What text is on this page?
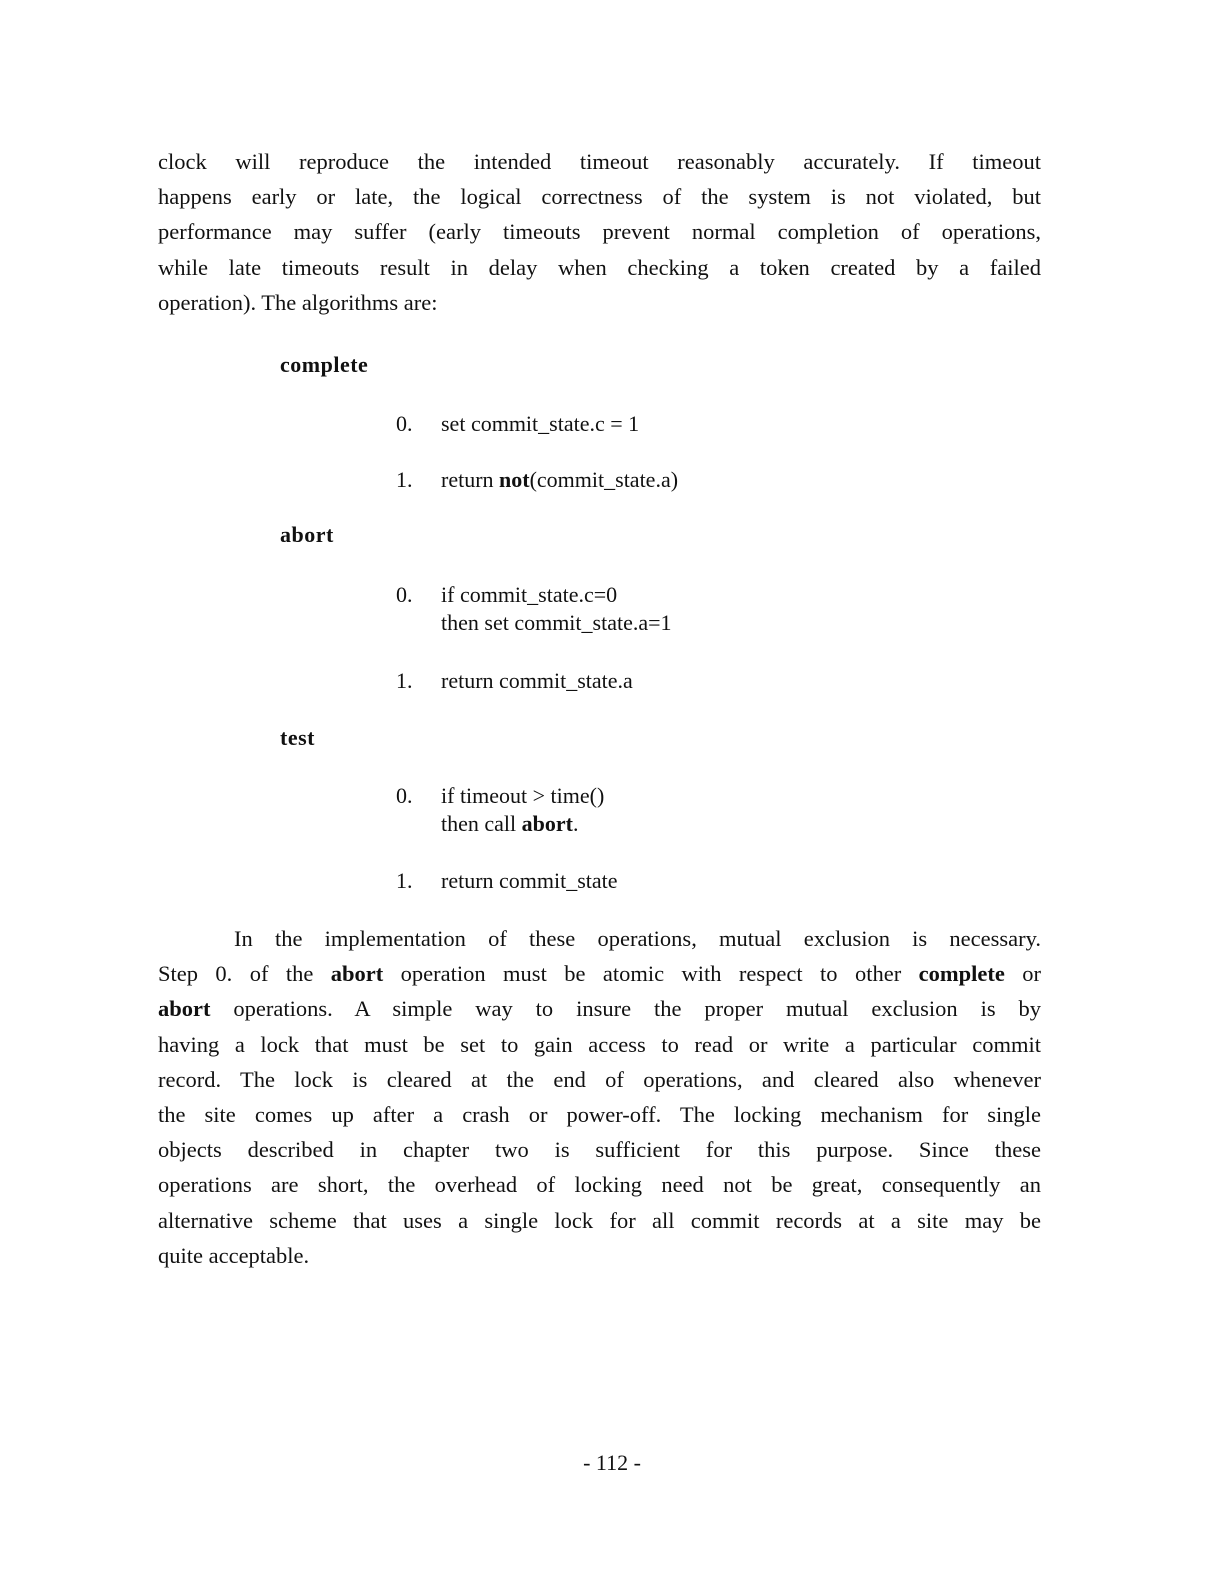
clock will reproduce the intended timeout reasonably accurately. If timeout
happens early or late, the logical correctness of the system is not violated, but
performance may suffer (early timeouts prevent normal completion of operations,
while late timeouts result in delay when checking a token created by a failed
operation). The algorithms are:
complete
0. set commit_state.c = 1
1. return not(commit_state.a)
abort
0. if commit_state.c=0
then set commit_state.a=1
1. return commit_state.a
test
0. if timeout > time()
then call abort.
1. return commit_state
In the implementation of these operations, mutual exclusion is necessary.
Step 0. of the abort operation must be atomic with respect to other complete or
abort operations. A simple way to insure the proper mutual exclusion is by
having a lock that must be set to gain access to read or write a particular commit
record. The lock is cleared at the end of operations, and cleared also whenever
the site comes up after a crash or power-off. The locking mechanism for single
objects described in chapter two is sufficient for this purpose. Since these
operations are short, the overhead of locking need not be great, consequently an
alternative scheme that uses a single lock for all commit records at a site may be
quite acceptable.
- 112 -
